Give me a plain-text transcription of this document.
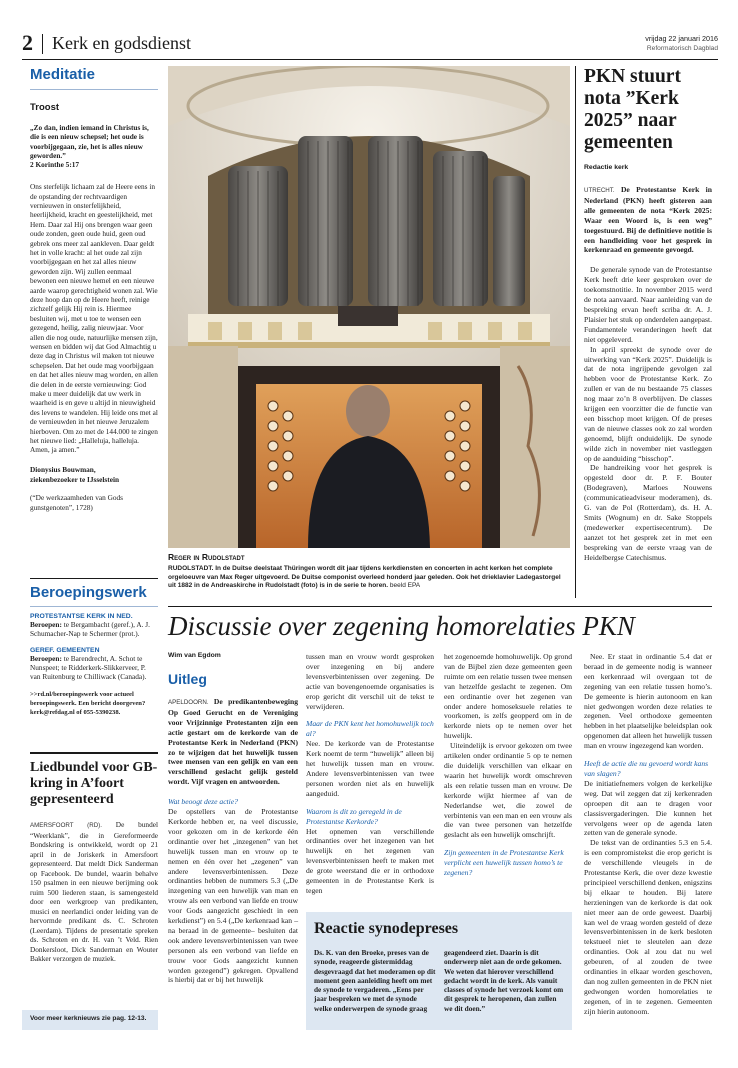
2 Kerk en godsdienst	vrijdag 22 januari 2016
Reformatorisch Dagblad
Meditatie
Troost
„Zo dan, indien iemand in Christus is, die is een nieuw schepsel; het oude is voorbijgegaan, zie, het is alles nieuw geworden.”
2 Korinthe 5:17
Ons sterfelijk lichaam zal de Heere eens in de opstanding der rechtvaardigen vernieuwen in onsterfelijkheid, heerlijkheid, kracht en geestelijkheid, met Hem. Daar zal Hij ons brengen waar geen oude zonden, geen oude huid, geen oud gebrek ons meer zal aankleven. Daar geldt het in volle kracht: al het oude zal zijn voorbijgegaan en het zal alles nieuw geworden zijn. Wij zullen eenmaal bewonen een nieuwe hemel en een nieuwe aarde waarop gerechtigheid wonen zal. Wie deze hoop dan op de Heere heeft, reinige zichzelf gelijk Hij rein is. Hiermee besluiten wij, met u toe te wensen een gezegend, heilig, zalig nieuwjaar. Voor allen die nog oude, natuurlijke mensen zijn, wensen en bidden wij dat God Almachtig u deze dag in Christus wil maken tot nieuwe schepselen. Dat het oude mag voorbijgaan en dat het alles nieuw mag worden, en allen die delen in de eerste vernieuwing: God make u meer duidelijk dat uw werk in waarheid is en geve u altijd in nieuwigheid des levens te wandelen. Hij leide ons met al de vernieuwden in het nieuwe Jeruzalem hierboven. Om zo met de 144.000 te zingen het nieuwe lied: „Halleluja, halleluja. Amen, ja amen.”
Dionysius Bouwman,
ziekenbezoeker te IJsselstein
(“De werkzaamheden van Gods gunstgenoten”, 1728)
Beroepingswerk
PROTESTANTSE KERK IN NED.
Beroepen: te Bergambacht (geref.), A. J. Schumacher-Nap te Schermer (prot.).
GEREF. GEMEENTEN
Beroepen: te Barendrecht, A. Schot te Nunspeet; te Ridderkerk-Slikkerveer, P. van Ruitenburg te Chilliwack (Canada).
>>rd.nl/beroepingswerk voor actueel beroepingswerk. Een bericht doorgeven? kerk@refdag.nl of 055-5390238.
Liedbundel voor GB-kring in A’foort gepresenteerd
AMERSFOORT (RD). De bundel “Weerklank”, die in Gereformeerde Bondskring is ontwikkeld, wordt op 21 april in de Joriskerk in Amersfoort gepresenteerd. Dat meldt Dick Sanderman op Facebook. De bundel, waarin behalve 150 psalmen in een nieuwe berijming ook ruim 500 liederen staan, is samengesteld door een werkgroep van predikanten, musici en neerlandici onder leiding van de hervormde predikant ds. C. Schroten (Leerdam). Tijdens de presentatie spreken ds. Schroten en dr. H. van ’t Veld. Rien Donkersloot, Dick Sanderman en Wouter Bakker verzorgen de muziek.
Voor meer kerknieuws zie pag. 12-13.
Reger in Rudolstadt
RUDOLSTADT. In de Duitse deelstaat Thüringen wordt dit jaar tijdens kerkdiensten en concerten in acht kerken het complete orgeloeuvre van Max Reger uitgevoerd. De Duitse componist overleed honderd jaar geleden. Ook het drieklavier Ladegastorgel uit 1882 in de Andreaskirche in Rudolstadt (foto) is in de serie te horen. beeld EPA
PKN stuurt nota ”Kerk 2025” naar gemeenten
Redactie kerk
UTRECHT. De Protestantse Kerk in Nederland (PKN) heeft gisteren aan alle gemeenten de nota “Kerk 2025: Waar een Woord is, is een weg” toegestuurd. Bij de definitieve notitie is een handleiding voor het gesprek in kerkenraad en gemeente gevoegd.
De generale synode van de Protestantse Kerk heeft drie keer gesproken over de toekomstnotitie. In november 2015 werd de nota aanvaard. Naar aanleiding van de bespreking ervan heeft scriba dr. A. J. Plaisier het stuk op onderdelen aangepast. Fundamentele veranderingen heeft dat niet opgeleverd.
In april spreekt de synode over de uitwerking van “Kerk 2025”. Duidelijk is dat de nota ingrijpende gevolgen zal hebben voor de Protestantse Kerk. Zo zullen er van de nu bestaande 75 classes nog maar zo’n 8 overblijven. De classes krijgen een voorzitter die de functie van een bisschop moet krijgen. Of de preses van de nieuwe classes ook zo zal worden genoemd, blijft onduidelijk. De synode wilde zich in november niet vastleggen op de aanduiding “bisschop”.
De handreiking voor het gesprek is opgesteld door dr. P. F. Bouter (Bodegraven), Marloes Nouwens (communicatieadviseur moderamen), ds. G. van de Pol (Rotterdam), ds. H. A. Smits (Wognum) en dr. Sake Stoppels (medewerker expertisecentrum). De aanzet tot het gesprek zet in met een bespreking van de eerste vraag van de Heidelbergse Catechismus.
Discussie over zegening homorelaties PKN
Wim van Egdom
Uitleg
APELDOORN. De predikantenbeweging Op Goed Gerucht en de Vereniging voor Vrijzinnige Protestanten zijn een actie gestart om de kerkorde van de Protestantse Kerk in Nederland (PKN) zo te wijzigen dat het huwelijk tussen twee mensen van een gelijk en van een verschillend geslacht gelijk gesteld wordt. Vijf vragen en antwoorden.
Wat beoogt deze actie?
De opstellers van de Protestantse Kerkorde hebben er, na veel discussie, voor gekozen om in de kerkorde één ordinantie over het „inzegenen” van het huwelijk tussen man en vrouw op te nemen en één over het „zegenen” van andere levensverbintenissen. Deze ordinanties hebben de nummers 5.3 („De inzegening van een huwelijk van man en vrouw als een verbond van liefde en trouw voor Gods aangezicht geschiedt in een kerkdienst”) en 5.4 („De kerkenraad kan –na beraad in de gemeente– besluiten dat ook andere levensverbintenissen van twee personen als een verbond van liefde en trouw voor Gods aangezicht kunnen worden gezegend”) gekregen. Opvallend is hierbij dat er bij het huwelijk
tussen man en vrouw wordt gesproken over inzegening en bij andere levensverbintenissen over zegening. De actie van bovengenoemde organisaties is erop gericht dit verschil uit de tekst te verwijderen.
Maar de PKN kent het homohuwelijk toch al?
Nee. De kerkorde van de Protestantse Kerk noemt de term “huwelijk” alleen bij het huwelijk tussen man en vrouw. Andere levensverbintenissen van twee personen worden niet als en huwelijk aangeduid.
Waarom is dit zo geregeld in de Protestantse Kerkorde?
Het opnemen van verschillende ordinanties over het inzegenen van het huwelijk en het zegenen van levensverbintenissen heeft te maken met de grote weerstand die er in orthodoxe gemeenten in de Protestantse Kerk is tegen
het zogenoemde homohuwelijk. Op grond van de Bijbel zien deze gemeenten geen ruimte om een relatie tussen twee mensen van hetzelfde geslacht te zegenen. Om een ordinantie over het zegenen van onder andere homoseksuele relaties te voorkomen, is zelfs geopperd om in de kerkorde niets op te nemen over het huwelijk.
Uiteindelijk is ervoor gekozen om twee artikelen onder ordinantie 5 op te nemen die duidelijk verschillen van elkaar en waarin het huwelijk wordt omschreven als een relatie tussen man en vrouw. De kerkorde wijkt hiermee af van de Nederlandse wet, die zowel de verbintenis van een man en een vrouw als die van twee personen van hetzelfde geslacht als een huwelijk omschrijft.
Zijn gemeenten in de Protestantse Kerk verplicht een huwelijk tussen homo’s te zegenen?
Nee. Er staat in ordinantie 5.4 dat er beraad in de gemeente nodig is wanneer een kerkenraad wil overgaan tot de zegening van een relatie tussen homo’s. De gemeente is hierin autonoom en kan niet gedwongen worden deze relaties te zegenen. Veel orthodoxe gemeenten hebben in het plaatselijke beleidsplan ook opgenomen dat alleen het huwelijk tussen man en vrouw ingezegend kan worden.
Heeft de actie die nu gevoerd wordt kans van slagen?
De initiatiefnemers volgen de kerkelijke weg. Dat wil zeggen dat zij kerkenraden oproepen dit aan te dragen voor classisvergaderingen. Die kunnen het vervolgens weer op de agenda laten zetten van de generale synode.
De tekst van de ordinanties 5.3 en 5.4. is een compromistekst die erop gericht is de verschillende vleugels in de Protestantse Kerk, die over deze kwestie principieel verschillend denken, enigszins bij elkaar te houden. Bij latere herzieningen van de kerkorde is dat ook niet meer aan de orde geweest. Daarbij kan wel de vraag worden gesteld of deze levensverbintenissen in de kerk besloten tekstueel niet te sleutelen aan deze ordinanties. Ook al zou dat nu wel gebeuren, of al zouden de twee ordinanties in elkaar worden geschoven, dan nog zullen gemeenten in de PKN niet gedwongen worden homorelaties te zegenen, of in te zegenen. Gemeenten zijn hierin autonoom.
Reactie synodepreses
Ds. K. van den Broeke, preses van de synode, reageerde gistermiddag desgevraagd dat het moderamen op dit moment geen aanleiding heeft om met de synode te vergaderen. „Eens per jaar bespreken we met de synode welke onderwerpen de synode graag
geagendeerd ziet. Daarin is dit onderwerp niet aan de orde gekomen. We weten dat hierover verschillend gedacht wordt in de kerk. Als vanuit classes of synode het verzoek komt om dit gesprek te heropenen, dan zullen we dit doen.”
